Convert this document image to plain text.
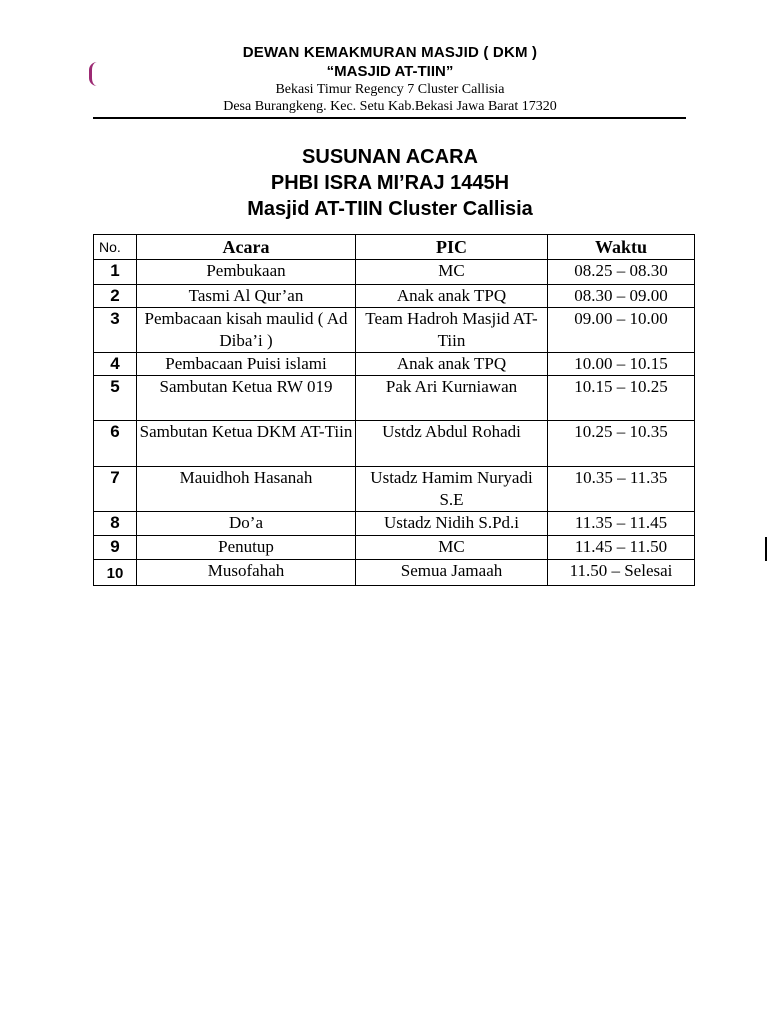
DEWAN KEMAKMURAN MASJID ( DKM )
“MASJID AT-TIIN”
Bekasi Timur Regency 7 Cluster Callisia
Desa Burangkeng. Kec. Setu Kab.Bekasi Jawa Barat 17320
SUSUNAN ACARA
PHBI ISRA MI’RAJ 1445H
Masjid AT-TIIN Cluster Callisia
No.	Acara	PIC	Waktu
1	Pembukaan	MC	08.25 – 08.30
2	Tasmi Al Qur’an	Anak anak TPQ	08.30 – 09.00
3	Pembacaan kisah maulid ( Ad Diba’i )	Team Hadroh Masjid AT-Tiin	09.00 – 10.00
4	Pembacaan Puisi islami	Anak anak TPQ	10.00 – 10.15
5	Sambutan Ketua RW 019	Pak Ari Kurniawan	10.15 – 10.25
6	Sambutan Ketua DKM AT-Tiin	Ustdz Abdul Rohadi	10.25 – 10.35
7	Mauidhoh Hasanah	Ustadz Hamim Nuryadi S.E	10.35 – 11.35
8	Do’a	Ustadz Nidih S.Pd.i	11.35 – 11.45
9	Penutup	MC	11.45 – 11.50
10	Musofahah	Semua Jamaah	11.50 – Selesai
